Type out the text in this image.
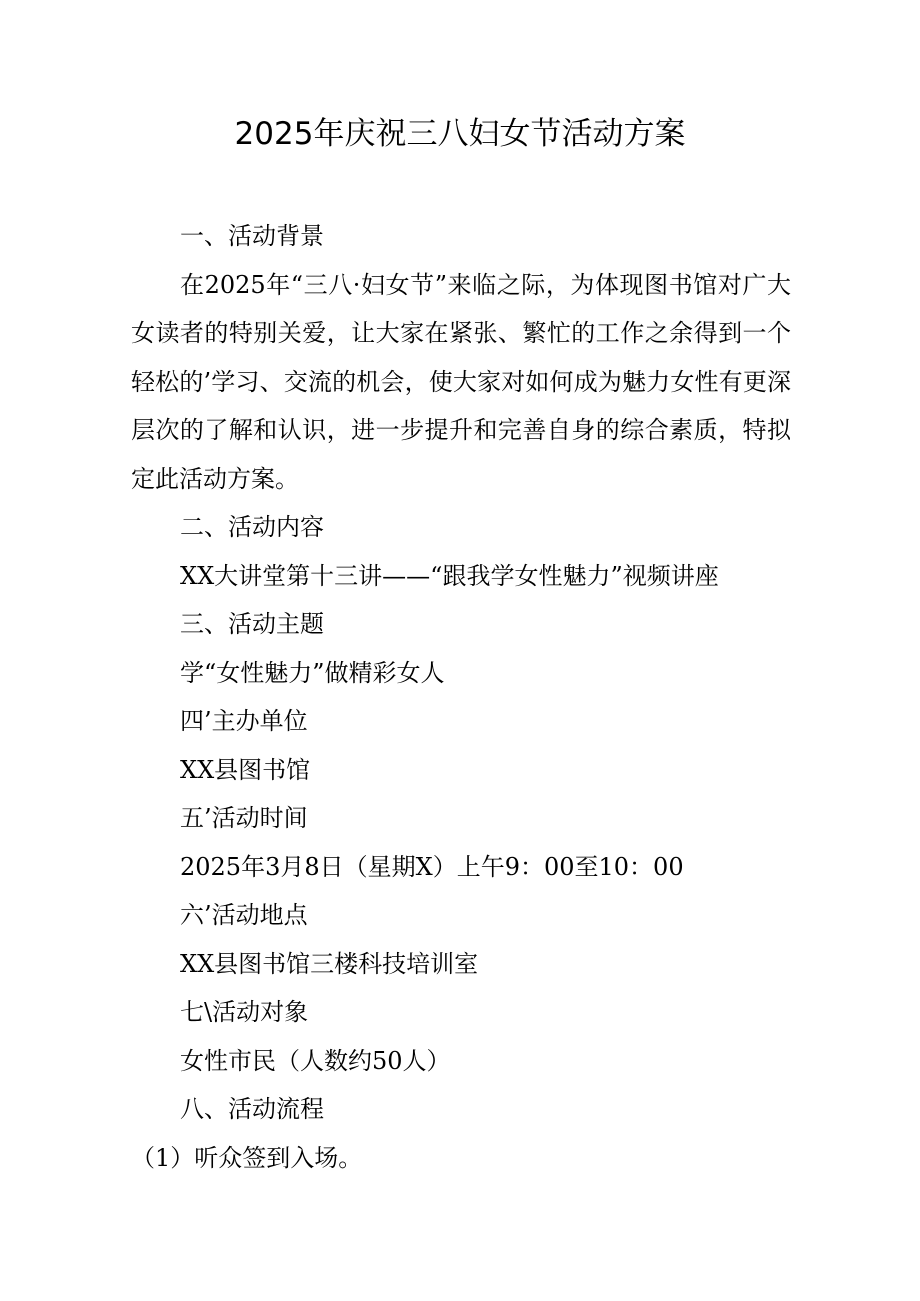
2025年庆祝三八妇女节活动方案

一、活动背景

在2025年“三八·妇女节”来临之际，为体现图书馆对广大女读者的特别关爱，让大家在紧张、繁忙的工作之余得到一个轻松的’学习、交流的机会，使大家对如何成为魅力女性有更深层次的了解和认识，进一步提升和完善自身的综合素质，特拟定此活动方案。

二、活动内容

XX大讲堂第十三讲——“跟我学女性魅力”视频讲座

三、活动主题

学“女性魅力”做精彩女人

四’主办单位

XX县图书馆

五’活动时间

2025年3月8日（星期X）上午9：00至10：00

六’活动地点

XX县图书馆三楼科技培训室

七\活动对象

女性市民（人数约50人）

八、活动流程

（1）听众签到入场。
